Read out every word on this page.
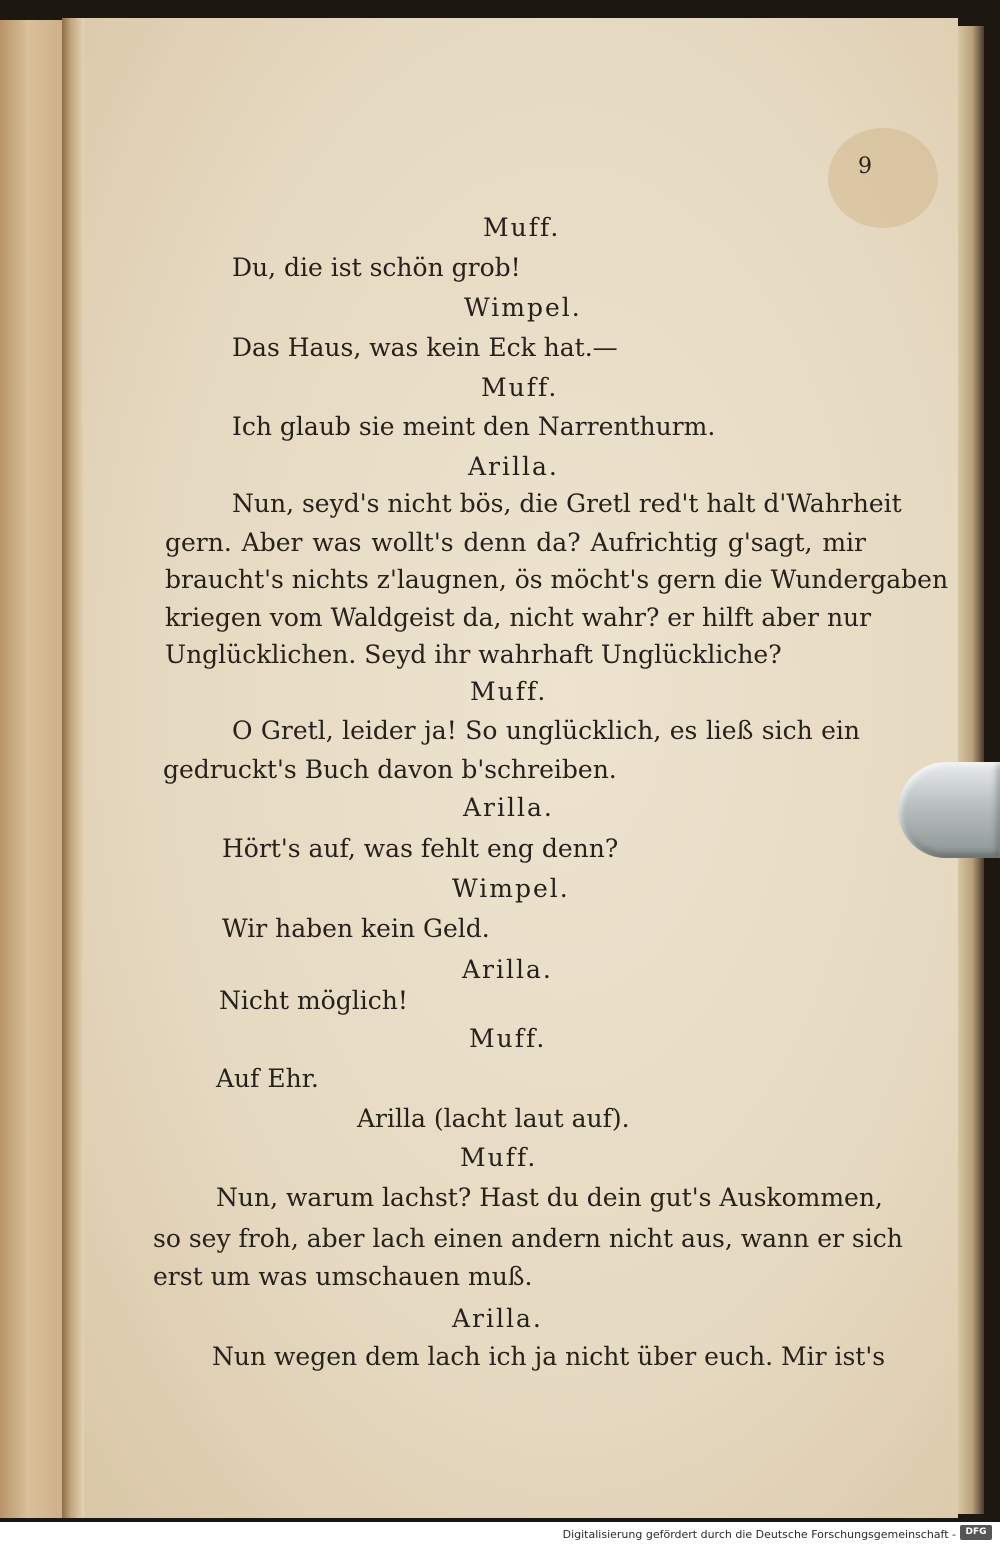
9
Muff.
Du, die ist schön grob!
Wimpel.
Das Haus, was kein Eck hat.—
Muff.
Ich glaub sie meint den Narrenthurm.
Arilla.
Nun, seyd's nicht bös, die Gretl red't halt d'Wahrheit
gern. Aber was wollt's denn da? Aufrichtig g'sagt, mir
braucht's nichts z'laugnen, ös möcht's gern die Wundergaben
kriegen vom Waldgeist da, nicht wahr? er hilft aber nur
Unglücklichen. Seyd ihr wahrhaft Unglückliche?
Muff.
O Gretl, leider ja! So unglücklich, es ließ sich ein
gedruckt's Buch davon b'schreiben.
Arilla.
Hört's auf, was fehlt eng denn?
Wimpel.
Wir haben kein Geld.
Arilla.
Nicht möglich!
Muff.
Auf Ehr.
Arilla (lacht laut auf).
Muff.
Nun, warum lachst? Hast du dein gut's Auskommen,
so sey froh, aber lach einen andern nicht aus, wann er sich
erst um was umschauen muß.
Arilla.
Nun wegen dem lach ich ja nicht über euch. Mir ist's
Digitalisierung gefördert durch die Deutsche Forschungsgemeinschaft -	DFG
